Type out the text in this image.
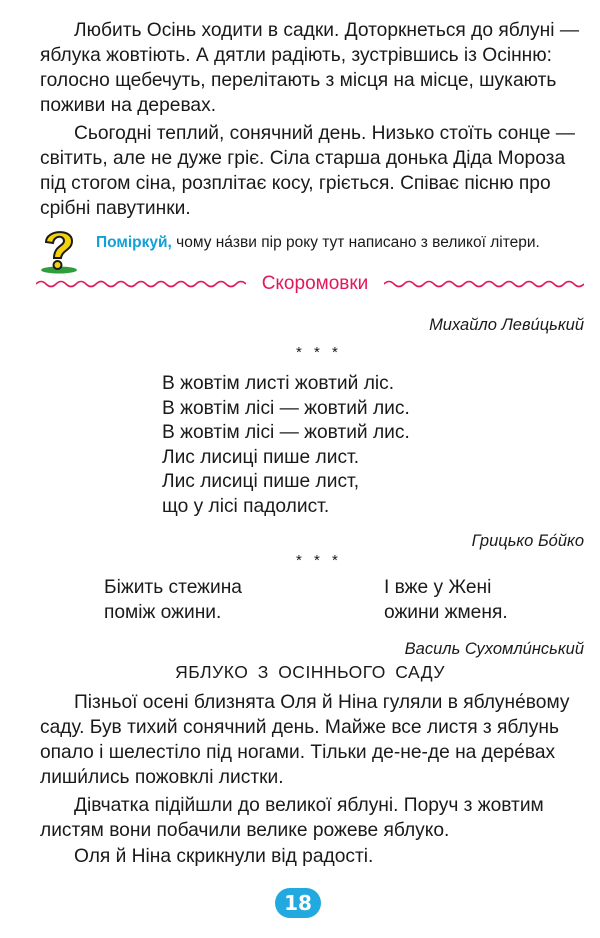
Любить Осінь ходити в садки. Доторкнеться до яблуні —
яблука жовтіють. А дятли радіють, зустрівшись із Осінню:
голосно щебечуть, перелітають з місця на місце, шукають
поживи на деревах.
Сьогодні теплий, сонячний день. Низько стоїть сонце —
світить, але не дуже гріє. Сіла старша донька Діда Мороза
під стогом сіна, розплітає косу, гріється. Співає пісню про
срібні павутинки.

Поміркуй, чому на́зви пір року тут написано з великої літери.

Скоромовки

Михайло Леви́цький

* * *

В жовтім листі жовтий ліс.
В жовтім лісі — жовтий лис.
В жовтім лісі — жовтий лис.
Лис лисиці пише лист.
Лис лисиці пише лист,
що у лісі падолист.

Грицько Бо́йко

* * *

Біжить стежина
поміж ожини.
І вже у Жені
ожини жменя.

Василь Сухомли́нський

ЯБЛУКО З ОСІННЬОГО САДУ

Пізньої осені близнята Оля й Ніна гуляли в яблуне́вому
саду. Був тихий сонячний день. Майже все листя з яблунь
опало і шелестіло під ногами. Тільки де-не-де на дере́вах
лиши́лись пожовклі листки.
Дівчатка підійшли до великої яблуні. Поруч з жовтим
листям вони побачили велике рожеве яблуко.
Оля й Ніна скрикнули від радості.
18
